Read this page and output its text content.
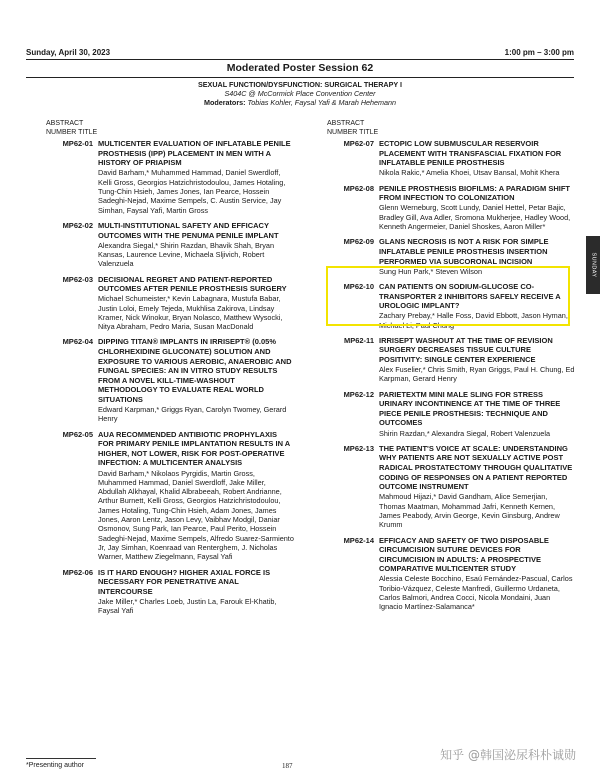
Sunday, April 30, 2023	1:00 pm – 3:00 pm
Moderated Poster Session 62
SEXUAL FUNCTION/DYSFUNCTION: SURGICAL THERAPY I
S404C @ McCormick Place Convention Center
Moderators: Tobias Kohler, Faysal Yafi & Marah Hehemann
ABSTRACT
NUMBER TITLE
MP62-01 MULTICENTER EVALUATION OF INFLATABLE PENILE PROSTHESIS (IPP) PLACEMENT IN MEN WITH A HISTORY OF PRIAPISM
David Barham,* Muhammed Hammad, Daniel Swerdloff, Kelli Gross, Georgios Hatzichristodoulou, James Hotaling, Tung-Chin Hsieh, James Jones, Ian Pearce, Hossein Sadeghi-Nejad, Maxime Sempels, C. Austin Service, Jay Simhan, Faysal Yafi, Martin Gross
MP62-02 MULTI-INSTITUTIONAL SAFETY AND EFFICACY OUTCOMES WITH THE PENUMA PENILE IMPLANT
Alexandra Siegal,* Shirin Razdan, Bhavik Shah, Bryan Kansas, Laurence Levine, Michaela Sljivich, Robert Valenzuela
MP62-03 DECISIONAL REGRET AND PATIENT-REPORTED OUTCOMES AFTER PENILE PROSTHESIS SURGERY
Michael Schumeister,* Kevin Labagnara, Mustufa Babar, Justin Loloi, Emely Tejeda, Mukhlisa Zakirova, Lindsay Kramer, Nick Winokur, Bryan Nolasco, Matthew Wysocki, Nitya Abraham, Pedro Maria, Susan MacDonald
MP62-04 DIPPING TITAN® IMPLANTS IN IRRISEPT® (0.05% CHLORHEXIDINE GLUCONATE) SOLUTION AND EXPOSURE TO VARIOUS AEROBIC, ANAEROBIC AND FUNGAL SPECIES: AN IN VITRO STUDY RESULTS FROM A NOVEL KILL-TIME-WASHOUT METHODOLOGY TO EVALUATE REAL WORLD SITUATIONS
Edward Karpman,* Griggs Ryan, Carolyn Twomey, Gerard Henry
MP62-05 AUA RECOMMENDED ANTIBIOTIC PROPHYLAXIS FOR PRIMARY PENILE IMPLANTATION RESULTS IN A HIGHER, NOT LOWER, RISK FOR POST-OPERATIVE INFECTION: A MULTICENTER ANALYSIS
David Barham,* Nikolaos Pyrgidis, Martin Gross, Muhammed Hammad, Daniel Swerdloff, Jake Miller, Abdullah Alkhayal, Khalid Albrabeeah, Robert Andrianne, Arthur Burnett, Kelli Gross, Georgios Hatzichristodoulou, James Hotaling, Tung-Chin Hsieh, Adam Jones, James Jones, Aaron Lentz, Jason Levy, Vaibhav Modgil, Daniar Osmonov, Sung Park, Ian Pearce, Paul Perito, Hossein Sadeghi-Nejad, Maxime Sempels, Alfredo Suarez-Sarmiento Jr, Jay Simhan, Koenraad van Renterghem, J. Nicholas Warner, Matthew Ziegelmann, Faysal Yafi
MP62-06 IS IT HARD ENOUGH? HIGHER AXIAL FORCE IS NECESSARY FOR PENETRATIVE ANAL INTERCOURSE
Jake Miller,* Charles Loeb, Justin La, Farouk El-Khatib, Faysal Yafi
ABSTRACT
NUMBER TITLE
MP62-07 ECTOPIC LOW SUBMUSCULAR RESERVOIR PLACEMENT WITH TRANSFASCIAL FIXATION FOR INFLATABLE PENILE PROSTHESIS
Nikola Rakic,* Amelia Khoei, Utsav Bansal, Mohit Khera
MP62-08 PENILE PROSTHESIS BIOFILMS: A PARADIGM SHIFT FROM INFECTION TO COLONIZATION
Glenn Werneburg, Scott Lundy, Daniel Hettel, Petar Bajic, Bradley Gill, Ava Adler, Sromona Mukherjee, Hadley Wood, Kenneth Angermeier, Daniel Shoskes, Aaron Miller*
MP62-09 GLANS NECROSIS IS NOT A RISK FOR SIMPLE INFLATABLE PENILE PROSTHESIS INSERTION PERFORMED VIA SUBCORONAL INCISION
Sung Hun Park,* Steven Wilson
MP62-10 CAN PATIENTS ON SODIUM-GLUCOSE CO-TRANSPORTER 2 INHIBITORS SAFELY RECEIVE A UROLOGIC IMPLANT?
Zachary Prebay,* Halle Foss, David Ebbott, Jason Hyman, Michael Li, Paul Chung
MP62-11 IRRISEPT WASHOUT AT THE TIME OF REVISION SURGERY DECREASES TISSUE CULTURE POSITIVITY: SINGLE CENTER EXPERIENCE
Alex Fuselier,* Chris Smith, Ryan Griggs, Paul H. Chung, Ed Karpman, Gerard Henry
MP62-12 PARIETEXTM MINI MALE SLING FOR STRESS URINARY INCONTINENCE AT THE TIME OF THREE PIECE PENILE PROSTHESIS: TECHNIQUE AND OUTCOMES
Shirin Razdan,* Alexandra Siegal, Robert Valenzuela
MP62-13 THE PATIENT'S VOICE AT SCALE: UNDERSTANDING WHY PATIENTS ARE NOT SEXUALLY ACTIVE POST RADICAL PROSTATECTOMY THROUGH QUALITATIVE CODING OF RESPONSES ON A PATIENT REPORTED OUTCOME INSTRUMENT
Mahmoud Hijazi,* David Gandham, Alice Semerjian, Thomas Maatman, Mohammad Jafri, Kenneth Kernen, James Peabody, Arvin George, Kevin Ginsburg, Andrew Krumm
MP62-14 EFFICACY AND SAFETY OF TWO DISPOSABLE CIRCUMCISION SUTURE DEVICES FOR CIRCUMCISION IN ADULTS: A PROSPECTIVE COMPARATIVE MULTICENTER STUDY
Alessia Celeste Bocchino, Esaú Fernández-Pascual, Carlos Toribio-Vázquez, Celeste Manfredi, Guillermo Urdaneta, Carlos Balmori, Andrea Cocci, Nicola Mondaini, Juan Ignacio Martínez-Salamanca*
SUNDAY
*Presenting author	187
知乎 @韩国泌尿科朴诚勋
